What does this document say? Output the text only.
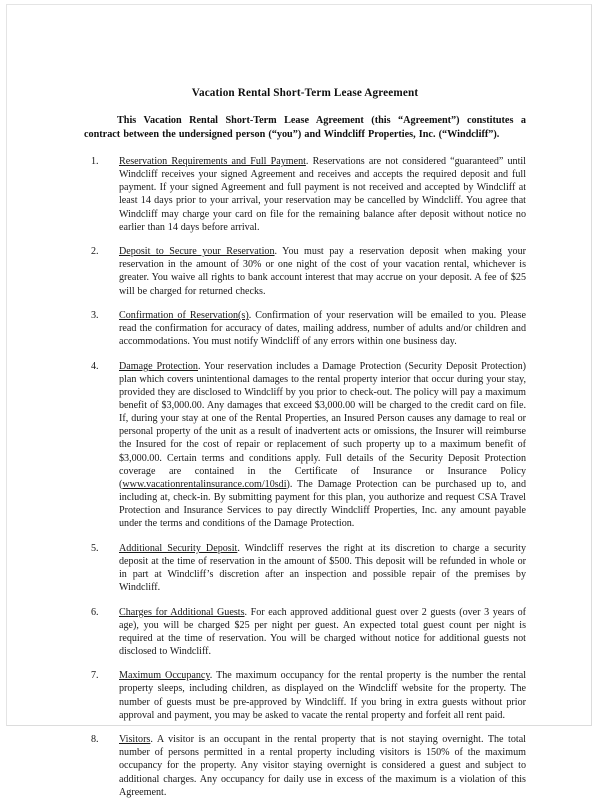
Vacation Rental Short-Term Lease Agreement

This Vacation Rental Short-Term Lease Agreement (this “Agreement”) constitutes a contract between the undersigned person (“you”) and Windcliff Properties, Inc. (“Windcliff”).

1.	Reservation Requirements and Full Payment. Reservations are not considered “guaranteed” until Windcliff receives your signed Agreement and receives and accepts the required deposit and full payment. If your signed Agreement and full payment is not received and accepted by Windcliff at least 14 days prior to your arrival, your reservation may be cancelled by Windcliff. You agree that Windcliff may charge your card on file for the remaining balance after deposit without notice no earlier than 14 days before arrival.
2.	Deposit to Secure your Reservation. You must pay a reservation deposit when making your reservation in the amount of 30% or one night of the cost of your vacation rental, whichever is greater. You waive all rights to bank account interest that may accrue on your deposit. A fee of $25 will be charged for returned checks.
3.	Confirmation of Reservation(s). Confirmation of your reservation will be emailed to you. Please read the confirmation for accuracy of dates, mailing address, number of adults and/or children and accommodations. You must notify Windcliff of any errors within one business day.
4.	Damage Protection. Your reservation includes a Damage Protection (Security Deposit Protection) plan which covers unintentional damages to the rental property interior that occur during your stay, provided they are disclosed to Windcliff by you prior to check-out. The policy will pay a maximum benefit of $3,000.00. Any damages that exceed $3,000.00 will be charged to the credit card on file. If, during your stay at one of the Rental Properties, an Insured Person causes any damage to real or personal property of the unit as a result of inadvertent acts or omissions, the Insurer will reimburse the Insured for the cost of repair or replacement of such property up to a maximum benefit of $3,000.00. Certain terms and conditions apply. Full details of the Security Deposit Protection coverage are contained in the Certificate of Insurance or Insurance Policy (www.vacationrentalinsurance.com/10sdi). The Damage Protection can be purchased up to, and including at, check-in. By submitting payment for this plan, you authorize and request CSA Travel Protection and Insurance Services to pay directly Windcliff Properties, Inc. any amount payable under the terms and conditions of the Damage Protection.
5.	Additional Security Deposit. Windcliff reserves the right at its discretion to charge a security deposit at the time of reservation in the amount of $500. This deposit will be refunded in whole or in part at Windcliff’s discretion after an inspection and possible repair of the premises by Windcliff.
6.	Charges for Additional Guests. For each approved additional guest over 2 guests (over 3 years of age), you will be charged $25 per night per guest. An expected total guest count per night is required at the time of reservation. You will be charged without notice for additional guests not disclosed to Windcliff.
7.	Maximum Occupancy. The maximum occupancy for the rental property is the number the rental property sleeps, including children, as displayed on the Windcliff website for the property. The number of guests must be pre-approved by Windcliff. If you bring in extra guests without prior approval and payment, you may be asked to vacate the rental property and forfeit all rent paid.
8.	Visitors. A visitor is an occupant in the rental property that is not staying overnight. The total number of persons permitted in a rental property including visitors is 150% of the maximum occupancy for the property. Any visitor staying overnight is considered a guest and subject to additional charges. Any occupancy for daily use in excess of the maximum is a violation of this Agreement.
